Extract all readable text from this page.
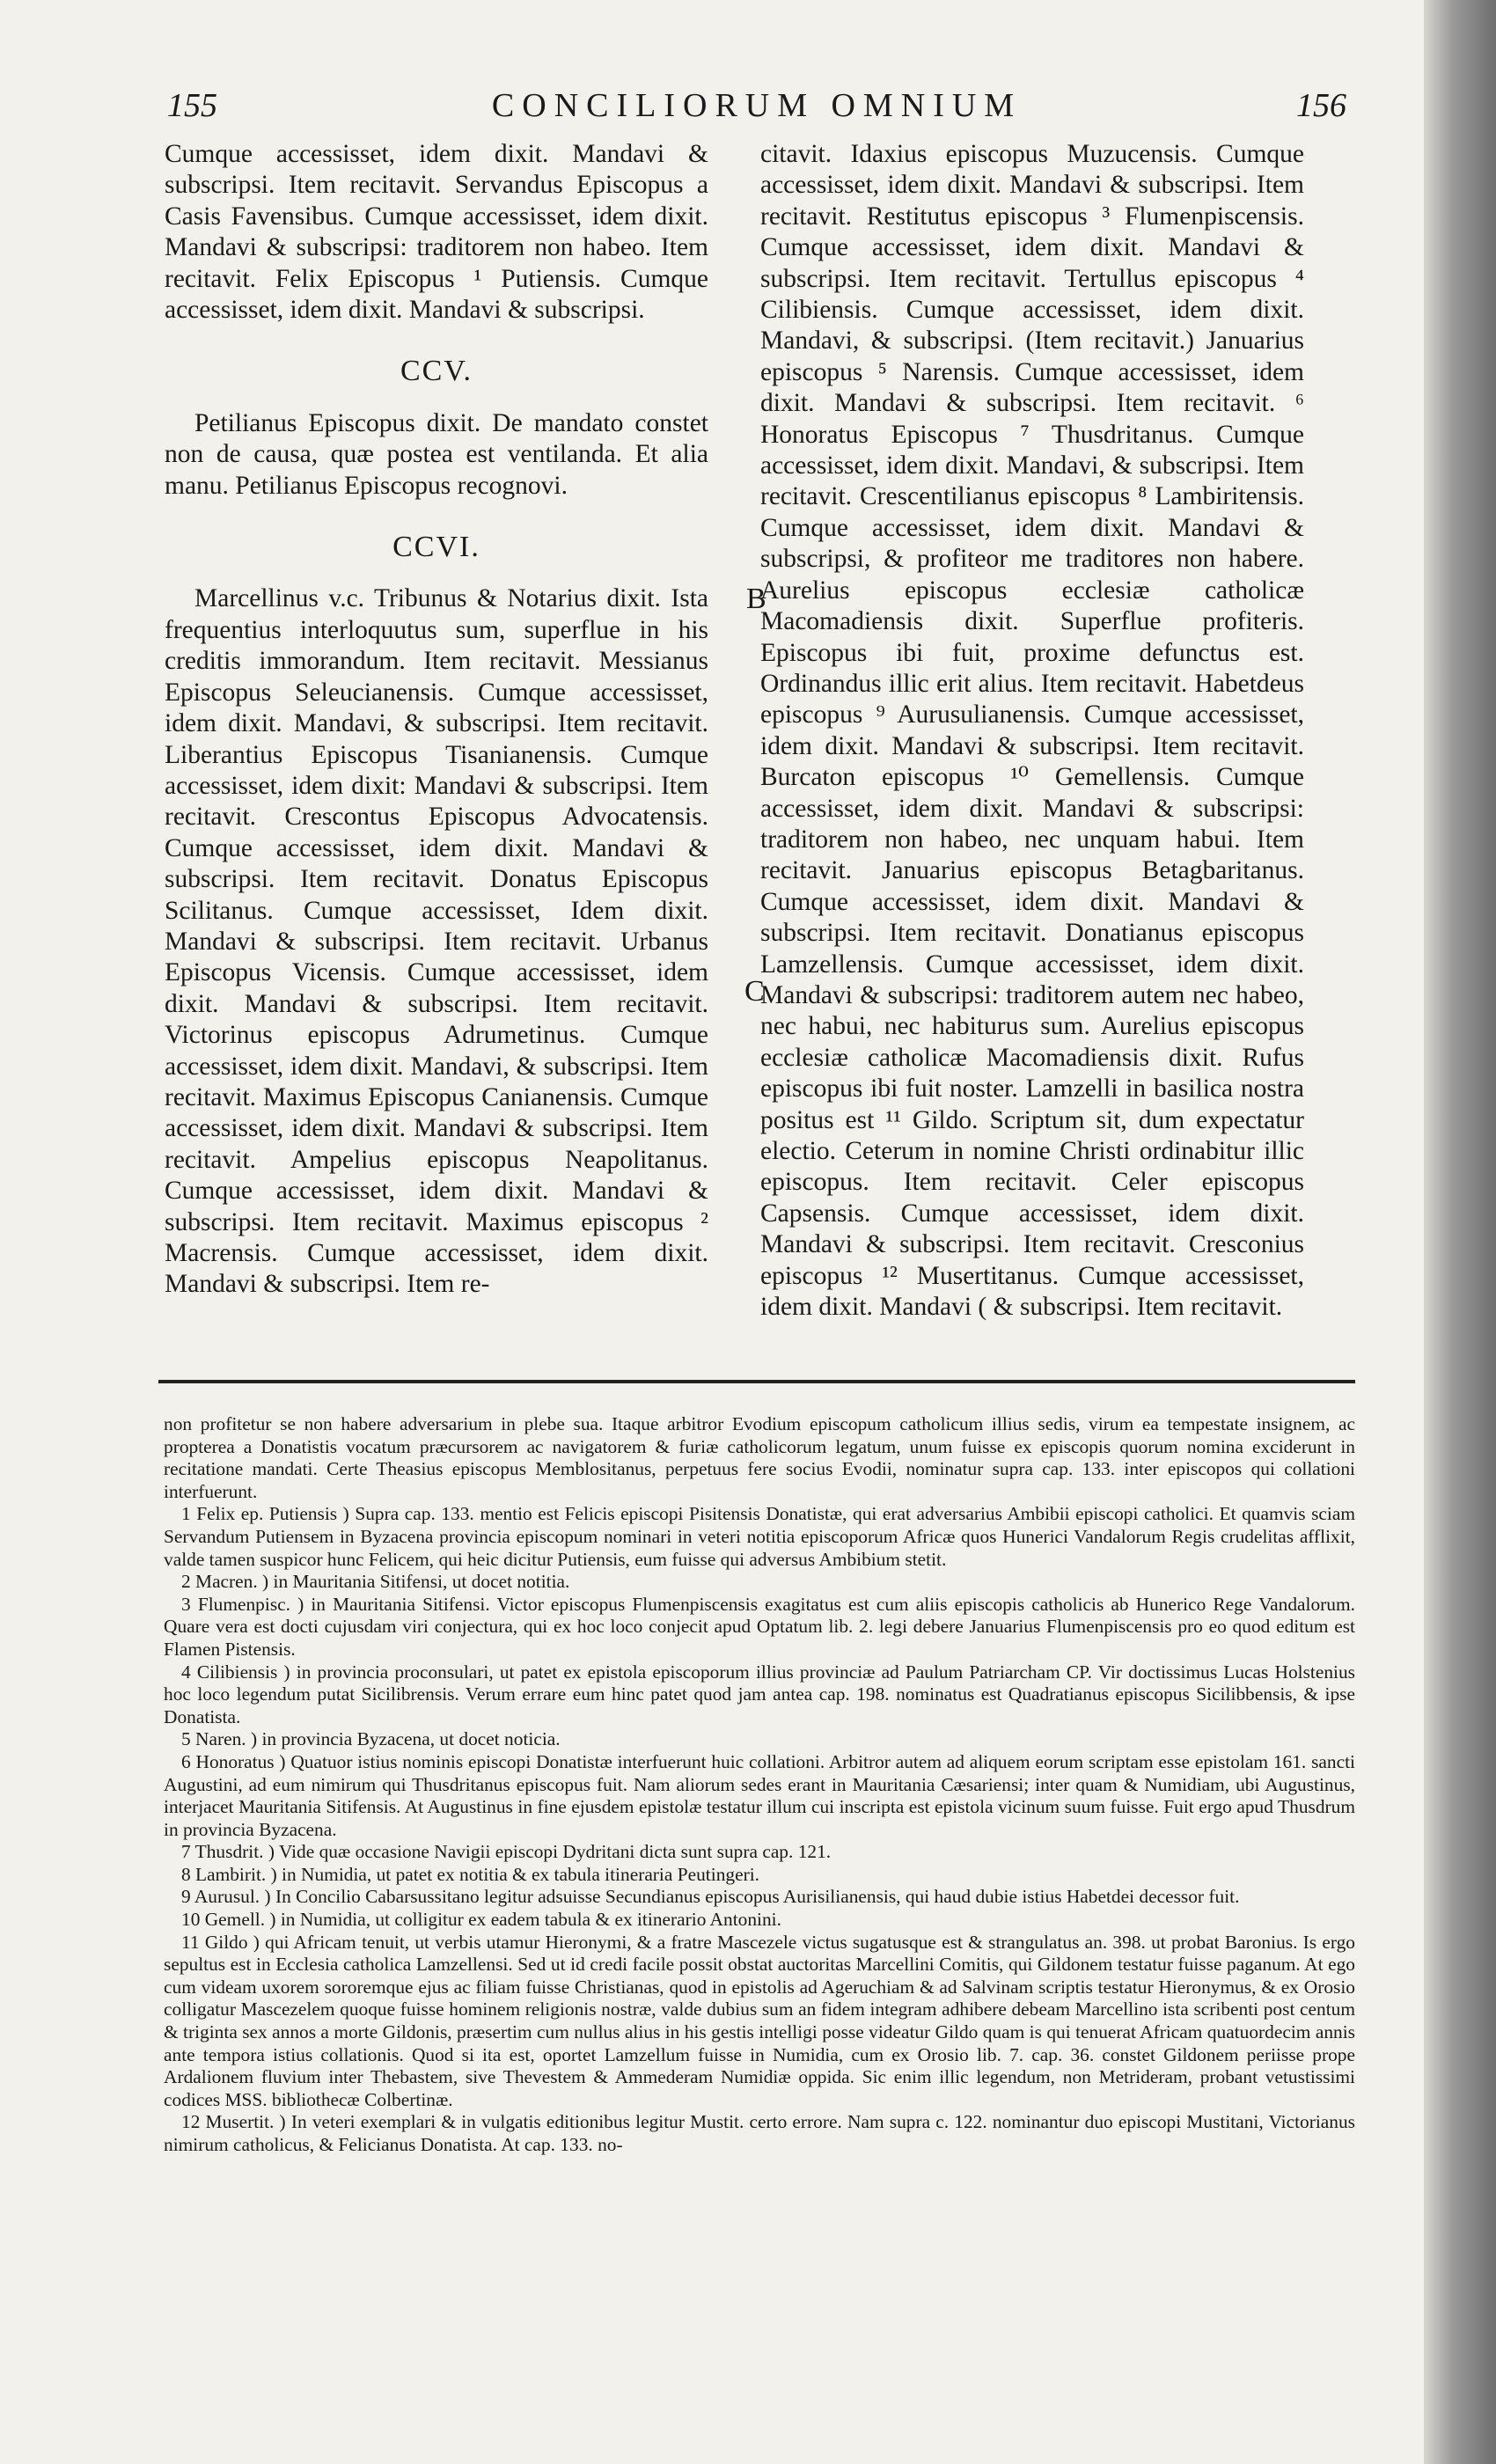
155	CONCILIORUM OMNIUM	156

Cumque accessisset, idem dixit. Mandavi & subscripsi. Item recitavit. Servandus Episcopus a Casis Favensibus. Cumque accessisset, idem dixit. Mandavi & subscripsi: traditorem non habeo. Item recitavit. Felix Episcopus ¹ Putiensis. Cumque accessisset, idem dixit. Mandavi & subscripsi.

CCV.

Petilianus Episcopus dixit. De mandato constet non de causa, quæ postea est ventilanda. Et alia manu. Petilianus Episcopus recognovi.

CCVI.

Marcellinus v.c. Tribunus & Notarius dixit. Ista frequentius interloquutus sum, superflue in his creditis immorandum. Item recitavit. Messianus Episcopus Seleucianensis. Cumque accessisset, idem dixit. Mandavi, & subscripsi. Item recitavit. Liberantius Episcopus Tisanianensis. Cumque accessisset, idem dixit: Mandavi & subscripsi. Item recitavit. Crescontus Episcopus Advocatensis. Cumque accessisset, idem dixit. Mandavi & subscripsi. Item recitavit. Donatus Episcopus Scilitanus. Cumque accessisset, Idem dixit. Mandavi & subscripsi. Item recitavit. Urbanus Episcopus Vicensis. Cumque accessisset, idem dixit. Mandavi & subscripsi. Item recitavit. Victorinus episcopus Adrumetinus. Cumque accessisset, idem dixit. Mandavi, & subscripsi. Item recitavit. Maximus Episcopus Canianensis. Cumque accessisset, idem dixit. Mandavi & subscripsi. Item recitavit. Ampelius episcopus Neapolitanus. Cumque accessisset, idem dixit. Mandavi & subscripsi. Item recitavit. Maximus episcopus ² Macrensis. Cumque accessisset, idem dixit. Mandavi & subscripsi. Item re-

citavit. Idaxius episcopus Muzucensis. Cumque accessisset, idem dixit. Mandavi & subscripsi. Item recitavit. Restitutus episcopus ³ Flumenpiscensis. Cumque accessisset, idem dixit. Mandavi & subscripsi. Item recitavit. Tertullus episcopus ⁴ Cilibiensis. Cumque accessisset, idem dixit. Mandavi, & subscripsi. (Item recitavit.) Januarius episcopus ⁵ Narensis. Cumque accessisset, idem dixit. Mandavi & subscripsi. Item recitavit. ⁶ Honoratus Episcopus ⁷ Thusdritanus. Cumque accessisset, idem dixit. Mandavi, & subscripsi. Item recitavit. Crescentilianus episcopus ⁸ Lambiritensis. Cumque accessisset, idem dixit. Mandavi & subscripsi, & profiteor me traditores non habere. Aurelius episcopus ecclesiæ catholicæ Macomadiensis dixit. Superflue profiteris. Episcopus ibi fuit, proxime defunctus est. Ordinandus illic erit alius. Item recitavit. Habetdeus episcopus ⁹ Aurusulianensis. Cumque accessisset, idem dixit. Mandavi & subscripsi. Item recitavit. Burcaton episcopus ¹⁰ Gemellensis. Cumque accessisset, idem dixit. Mandavi & subscripsi: traditorem non habeo, nec unquam habui. Item recitavit. Januarius episcopus Betagbaritanus. Cumque accessisset, idem dixit. Mandavi & subscripsi. Item recitavit. Donatianus episcopus Lamzellensis. Cumque accessisset, idem dixit. Mandavi & subscripsi: traditorem autem nec habeo, nec habui, nec habiturus sum. Aurelius episcopus ecclesiæ catholicæ Macomadiensis dixit. Rufus episcopus ibi fuit noster. Lamzelli in basilica nostra positus est ¹¹ Gildo. Scriptum sit, dum expectatur electio. Ceterum in nomine Christi ordinabitur illic episcopus. Item recitavit. Celer episcopus Capsensis. Cumque accessisset, idem dixit. Mandavi & subscripsi. Item recitavit. Cresconius episcopus ¹² Musertitanus. Cumque accessisset, idem dixit. Mandavi ( & subscripsi. Item recitavit.

B
C

non profitetur se non habere adversarium in plebe sua. Itaque arbitror Evodium episcopum catholicum illius sedis, virum ea tempestate insignem, ac propterea a Donatistis vocatum præcursorem ac navigatorem & furiæ catholicorum legatum, unum fuisse ex episcopis quorum nomina exciderunt in recitatione mandati. Certe Theasius episcopus Memblositanus, perpetuus fere socius Evodii, nominatur supra cap. 133. inter episcopos qui collationi interfuerunt.

1 Felix ep. Putiensis ) Supra cap. 133. mentio est Felicis episcopi Pisitensis Donatistæ, qui erat adversarius Ambibii episcopi catholici. Et quamvis sciam Servandum Putiensem in Byzacena provincia episcopum nominari in veteri notitia episcoporum Africæ quos Hunerici Vandalorum Regis crudelitas afflixit, valde tamen suspicor hunc Felicem, qui heic dicitur Putiensis, eum fuisse qui adversus Ambibium stetit.

2 Macren. ) in Mauritania Sitifensi, ut docet notitia.

3 Flumenpisc. ) in Mauritania Sitifensi. Victor episcopus Flumenpiscensis exagitatus est cum aliis episcopis catholicis ab Hunerico Rege Vandalorum. Quare vera est docti cujusdam viri conjectura, qui ex hoc loco conjecit apud Optatum lib. 2. legi debere Januarius Flumenpiscensis pro eo quod editum est Flamen Pistensis.

4 Cilibiensis ) in provincia proconsulari, ut patet ex epistola episcoporum illius provinciæ ad Paulum Patriarcham CP. Vir doctissimus Lucas Holstenius hoc loco legendum putat Sicilibrensis. Verum errare eum hinc patet quod jam antea cap. 198. nominatus est Quadratianus episcopus Sicilibbensis, & ipse Donatista.

5 Naren. ) in provincia Byzacena, ut docet noticia.

6 Honoratus ) Quatuor istius nominis episcopi Donatistæ interfuerunt huic collationi. Arbitror autem ad aliquem eorum scriptam esse epistolam 161. sancti Augustini, ad eum nimirum qui Thusdritanus episcopus fuit. Nam aliorum sedes erant in Mauritania Cæsariensi; inter quam & Numidiam, ubi Augustinus, interjacet Mauritania Sitifensis. At Augustinus in fine ejusdem epistolæ testatur illum cui inscripta est epistola vicinum suum fuisse. Fuit ergo apud Thusdrum in provincia Byzacena.

7 Thusdrit. ) Vide quæ occasione Navigii episcopi Dydritani dicta sunt supra cap. 121.

8 Lambirit. ) in Numidia, ut patet ex notitia & ex tabula itineraria Peutingeri.

9 Aurusul. ) In Concilio Cabarsussitano legitur adsuisse Secundianus episcopus Aurisilianensis, qui haud dubie istius Habetdei decessor fuit.

10 Gemell. ) in Numidia, ut colligitur ex eadem tabula & ex itinerario Antonini.

11 Gildo ) qui Africam tenuit, ut verbis utamur Hieronymi, & a fratre Mascezele victus sugatusque est & strangulatus an. 398. ut probat Baronius. Is ergo sepultus est in Ecclesia catholica Lamzellensi. Sed ut id credi facile possit obstat auctoritas Marcellini Comitis, qui Gildonem testatur fuisse paganum. At ego cum videam uxorem sororemque ejus ac filiam fuisse Christianas, quod in epistolis ad Ageruchiam & ad Salvinam scriptis testatur Hieronymus, & ex Orosio colligatur Mascezelem quoque fuisse hominem religionis nostræ, valde dubius sum an fidem integram adhibere debeam Marcellino ista scribenti post centum & triginta sex annos a morte Gildonis, præsertim cum nullus alius in his gestis intelligi posse videatur Gildo quam is qui tenuerat Africam quatuordecim annis ante tempora istius collationis. Quod si ita est, oportet Lamzellum fuisse in Numidia, cum ex Orosio lib. 7. cap. 36. constet Gildonem periisse prope Ardalionem fluvium inter Thebastem, sive Thevestem & Ammederam Numidiæ oppida. Sic enim illic legendum, non Metrideram, probant vetustissimi codices MSS. bibliothecæ Colbertinæ.

12 Musertit. ) In veteri exemplari & in vulgatis editionibus legitur Mustit. certo errore. Nam supra c. 122. nominantur duo episcopi Mustitani, Victorianus nimirum catholicus, & Felicianus Donatista. At cap. 133. no-
